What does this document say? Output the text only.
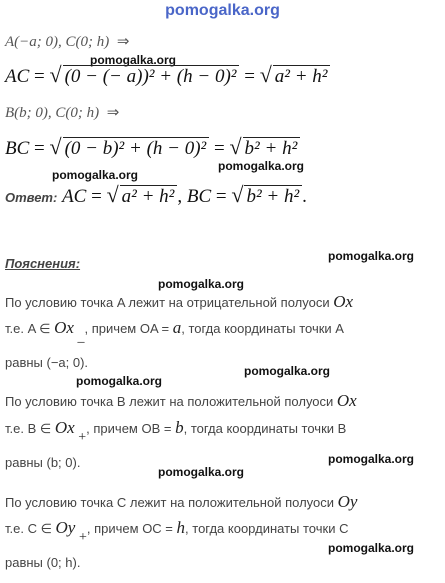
pomogalka.org
A(−a; 0), C(0; h) ⇒
pomogalka.org
AC = √ (0 − (− a))² + (h − 0)² = √ a² + h²
B(b; 0), C(0; h) ⇒
BC = √ (0 − b)² + (h − 0)² = √ b² + h²
pomogalka.org
pomogalka.org
Ответ: AC = √ a² + h² , BC = √ b² + h² .
pomogalka.org
Пояснения:
pomogalka.org
По условию точка A лежит на отрицательной полуоси Ox
т.е. A ∈ Ox _, причем OA = a, тогда координаты точки A
равны (−a; 0).
pomogalka.org
pomogalka.org
По условию точка B лежит на положительной полуоси Ox
т.е. B ∈ Ox +, причем OB = b, тогда координаты точки B
pomogalka.org
равны (b; 0).
pomogalka.org
По условию точка C лежит на положительной полуоси Oy
т.е. C ∈ Oy +, причем OC = h, тогда координаты точки C
pomogalka.org
равны (0; h).
